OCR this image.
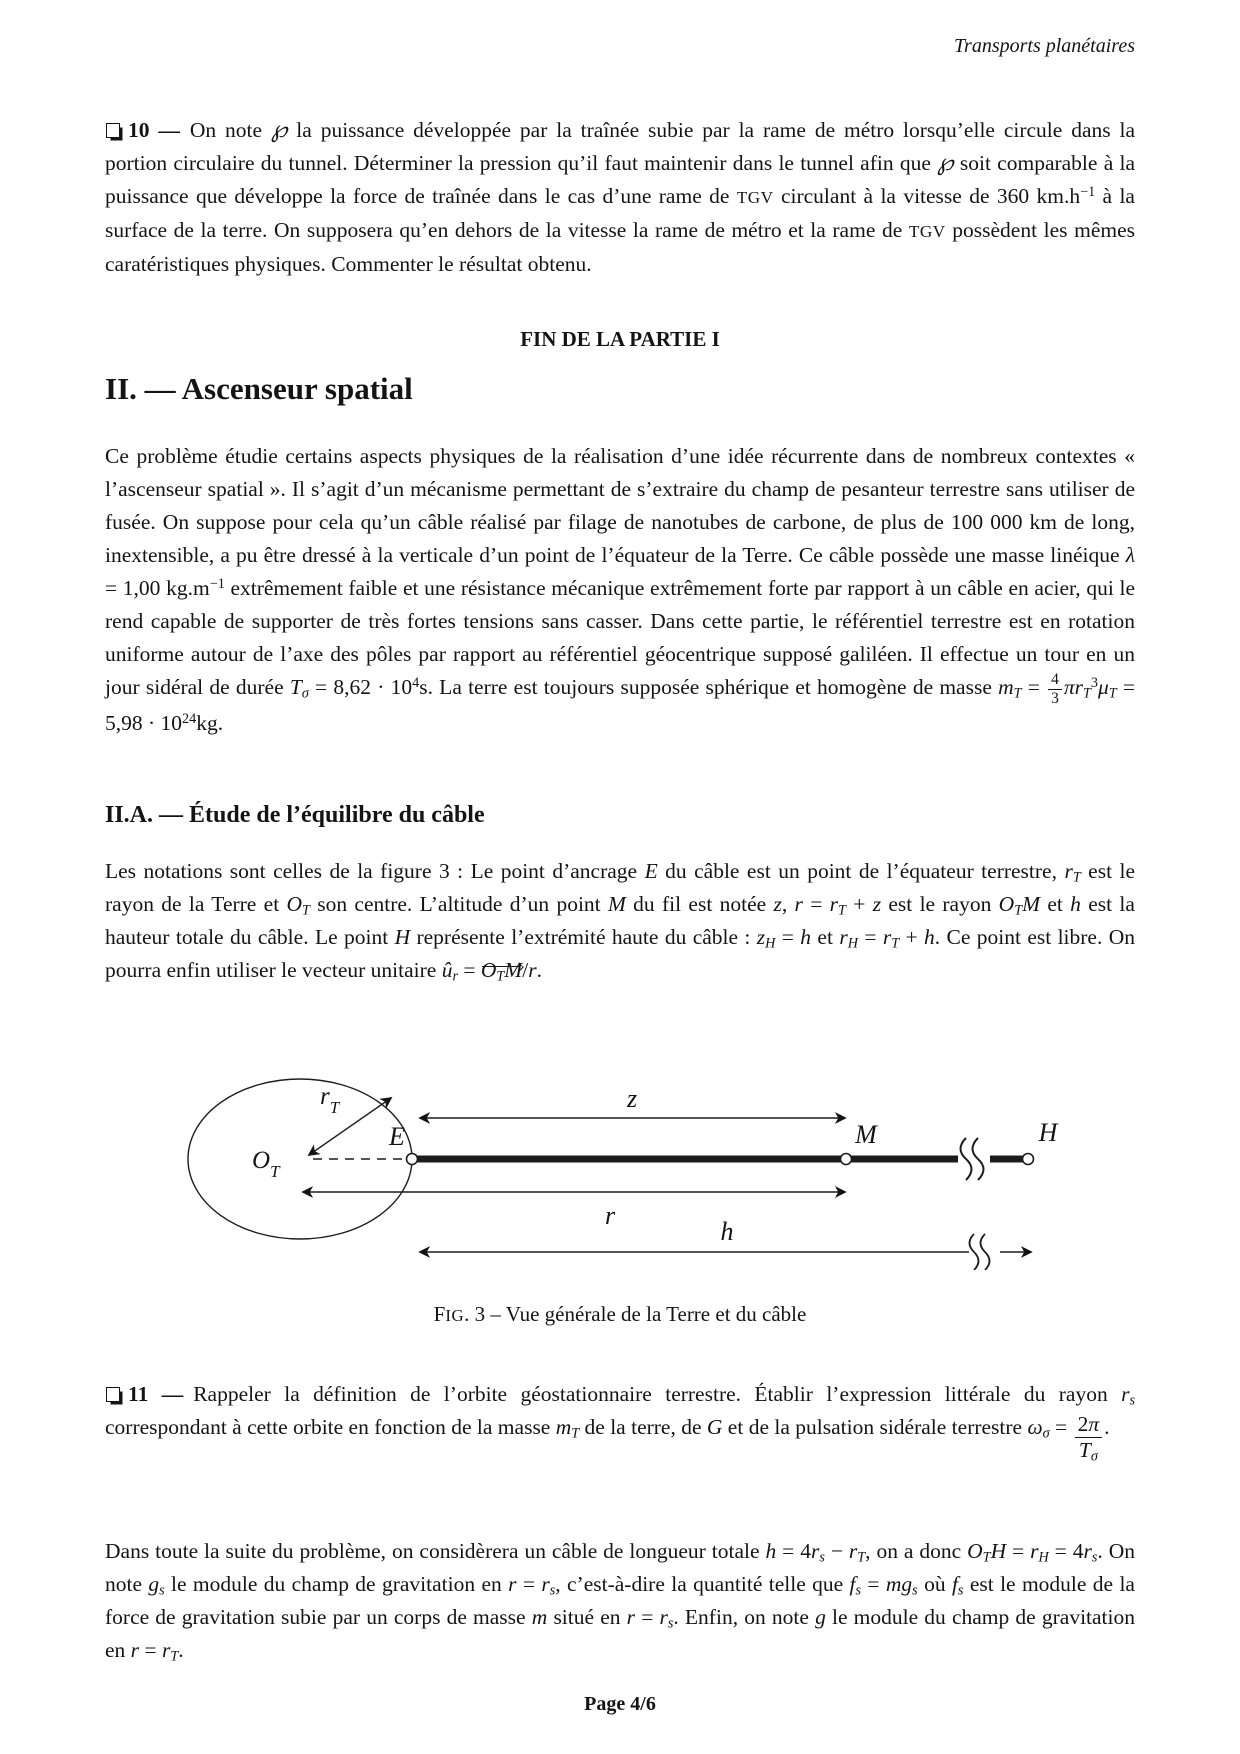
Transports planétaires
10 — On note ℘ la puissance développée par la traînée subie par la rame de métro lorsqu’elle circule dans la portion circulaire du tunnel. Déterminer la pression qu’il faut maintenir dans le tunnel afin que ℘ soit comparable à la puissance que développe la force de traînée dans le cas d’une rame de TGV circulant à la vitesse de 360 $km.h^{-1}$ à la surface de la terre. On supposera qu’en dehors de la vitesse la rame de métro et la rame de TGV possèdent les mêmes caratéristiques physiques. Commenter le résultat obtenu.
FIN DE LA PARTIE I
II. — Ascenseur spatial
Ce problème étudie certains aspects physiques de la réalisation d’une idée récurrente dans de nombreux contextes « l’ascenseur spatial ». Il s’agit d’un mécanisme permettant de s’extraire du champ de pesanteur terrestre sans utiliser de fusée. On suppose pour cela qu’un câble réalisé par filage de nanotubes de carbone, de plus de 100 000 km de long, inextensible, a pu être dressé à la verticale d’un point de l’équateur de la Terre. Ce câble possède une masse linéique λ = 1,00 $kg.m^{-1}$ extrêmement faible et une résistance mécanique extrêmement forte par rapport à un câble en acier, qui le rend capable de supporter de très fortes tensions sans casser. Dans cette partie, le référentiel terrestre est en rotation uniforme autour de l’axe des pôles par rapport au référentiel géocentrique supposé galiléen. Il effectue un tour en un jour sidéral de durée $T\sigma = 8,62 \cdot 10^4s$. La terre est toujours supposée sphérique et homogène de masse mT = $\frac{4}{3} \pi rT^3\mu T = 5,98 \cdot 10^{24}kg$.
II.A. — Étude de l’équilibre du câble
Les notations sont celles de la figure 3 : Le point d’ancrage E du câble est un point de l’équateur terrestre, rT est le rayon de la Terre et OT son centre. L’altitude d’un point M du fil est notée z, r = rT + z est le rayon OTM et h est la hauteur totale du câble. Le point H représente l’extrémité haute du câble : zH = h et rH = rT + h. Ce point est libre. On pourra enfin utiliser le vecteur unitaire ûr = OTM/r.
$r_T$
$O_T$
E
z
M	H
r
h
FIG. 3 – Vue générale de la Terre et du câble
11 — Rappeler la définition de l’orbite géostationnaire terrestre. Établir l’expression littérale du rayon rs correspondant à cette orbite en fonction de la masse mT de la terre, de G et de la pulsation sidérale terrestre $\omega\sigma = \frac{2\pi}{T\sigma}$ .
Dans toute la suite du problème, on considèrera un câble de longueur totale h = 4rs − rT, on a donc OTH = rH = 4rs. On note gs le module du champ de gravitation en r = rs, c’est-à-dire la quantité telle que fs = mgs où fs est le module de la force de gravitation subie par un corps de masse m situé en r = rs. Enfin, on note g le module du champ de gravitation en r = rT.
Page 4/6
